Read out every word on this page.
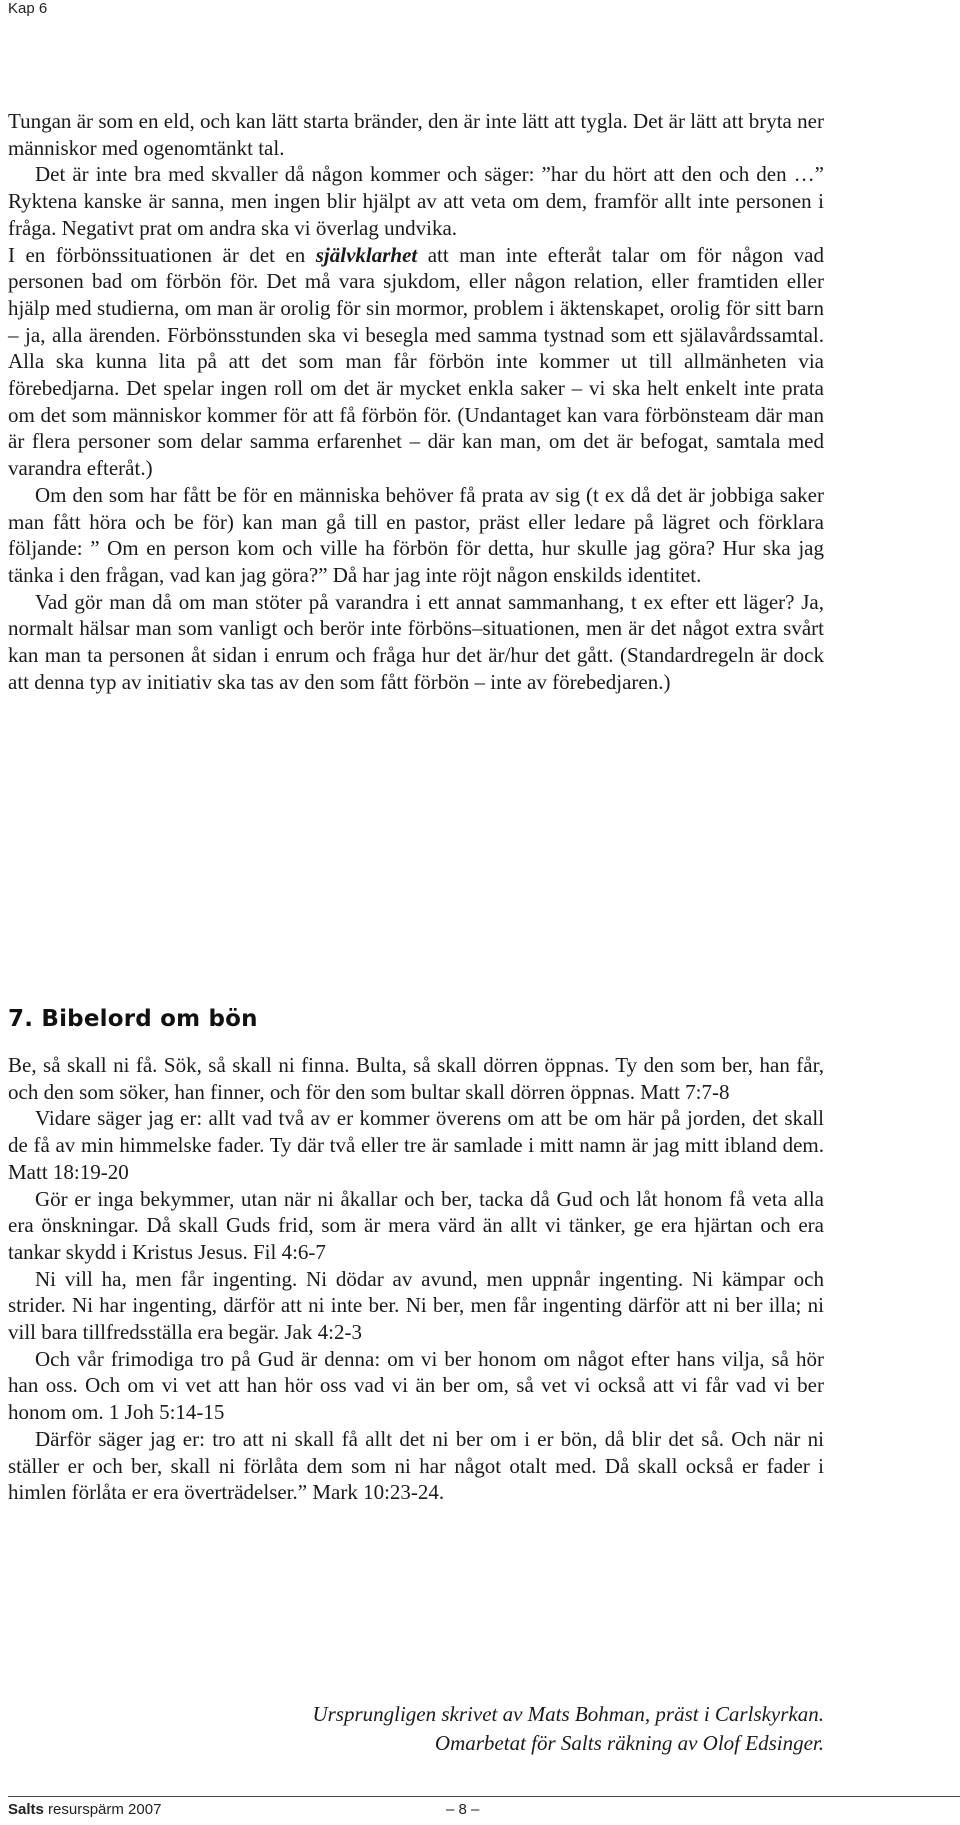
Kap 6

Tungan är som en eld, och kan lätt starta bränder, den är inte lätt att tygla. Det är lätt att bryta ner människor med ogenomtänkt tal.

Det är inte bra med skvaller då någon kommer och säger: ”har du hört att den och den …” Ryktena kanske är sanna, men ingen blir hjälpt av att veta om dem, framför allt inte personen i fråga. Negativt prat om andra ska vi överlag undvika.

I en förbönssituationen är det en självklarhet att man inte efteråt talar om för någon vad personen bad om förbön för. Det må vara sjukdom, eller någon relation, eller framtiden eller hjälp med studierna, om man är orolig för sin mormor, problem i äktenskapet, orolig för sitt barn – ja, alla ärenden. Förbönsstunden ska vi besegla med samma tystnad som ett själavårdssamtal. Alla ska kunna lita på att det som man får förbön inte kommer ut till allmänheten via förebedjarna. Det spelar ingen roll om det är mycket enkla saker – vi ska helt enkelt inte prata om det som människor kommer för att få förbön för. (Undantaget kan vara förbönsteam där man är flera personer som delar samma erfarenhet – där kan man, om det är befogat, samtala med varandra efteråt.)

Om den som har fått be för en människa behöver få prata av sig (t ex då det är jobbiga saker man fått höra och be för) kan man gå till en pastor, präst eller ledare på lägret och förklara följande: ” Om en person kom och ville ha förbön för detta, hur skulle jag göra? Hur ska jag tänka i den frågan, vad kan jag göra?” Då har jag inte röjt någon enskilds identitet.

Vad gör man då om man stöter på varandra i ett annat sammanhang, t ex efter ett läger? Ja, normalt hälsar man som vanligt och berör inte förböns–situationen, men är det något extra svårt kan man ta personen åt sidan i enrum och fråga hur det är/hur det gått. (Standardregeln är dock att denna typ av initiativ ska tas av den som fått förbön – inte av förebedjaren.)

7. Bibelord om bön

Be, så skall ni få. Sök, så skall ni finna. Bulta, så skall dörren öppnas. Ty den som ber, han får, och den som söker, han finner, och för den som bultar skall dörren öppnas. Matt 7:7-8

Vidare säger jag er: allt vad två av er kommer överens om att be om här på jorden, det skall de få av min himmelske fader. Ty där två eller tre är samlade i mitt namn är jag mitt ibland dem. Matt 18:19-20

Gör er inga bekymmer, utan när ni åkallar och ber, tacka då Gud och låt honom få veta alla era önskningar. Då skall Guds frid, som är mera värd än allt vi tänker, ge era hjärtan och era tankar skydd i Kristus Jesus. Fil 4:6-7

Ni vill ha, men får ingenting. Ni dödar av avund, men uppnår ingenting. Ni kämpar och strider. Ni har ingenting, därför att ni inte ber. Ni ber, men får ingenting därför att ni ber illa; ni vill bara tillfredsställa era begär. Jak 4:2-3

Och vår frimodiga tro på Gud är denna: om vi ber honom om något efter hans vilja, så hör han oss. Och om vi vet att han hör oss vad vi än ber om, så vet vi också att vi får vad vi ber honom om. 1 Joh 5:14-15

Därför säger jag er: tro att ni skall få allt det ni ber om i er bön, då blir det så. Och när ni ställer er och ber, skall ni förlåta dem som ni har något otalt med. Då skall också er fader i himlen förlåta er era överträdelser.” Mark 10:23-24.

Ursprungligen skrivet av Mats Bohman, präst i Carlskyrkan.
Omarbetat för Salts räkning av Olof Edsinger.
Salts resurspärm 2007	– 8 –
